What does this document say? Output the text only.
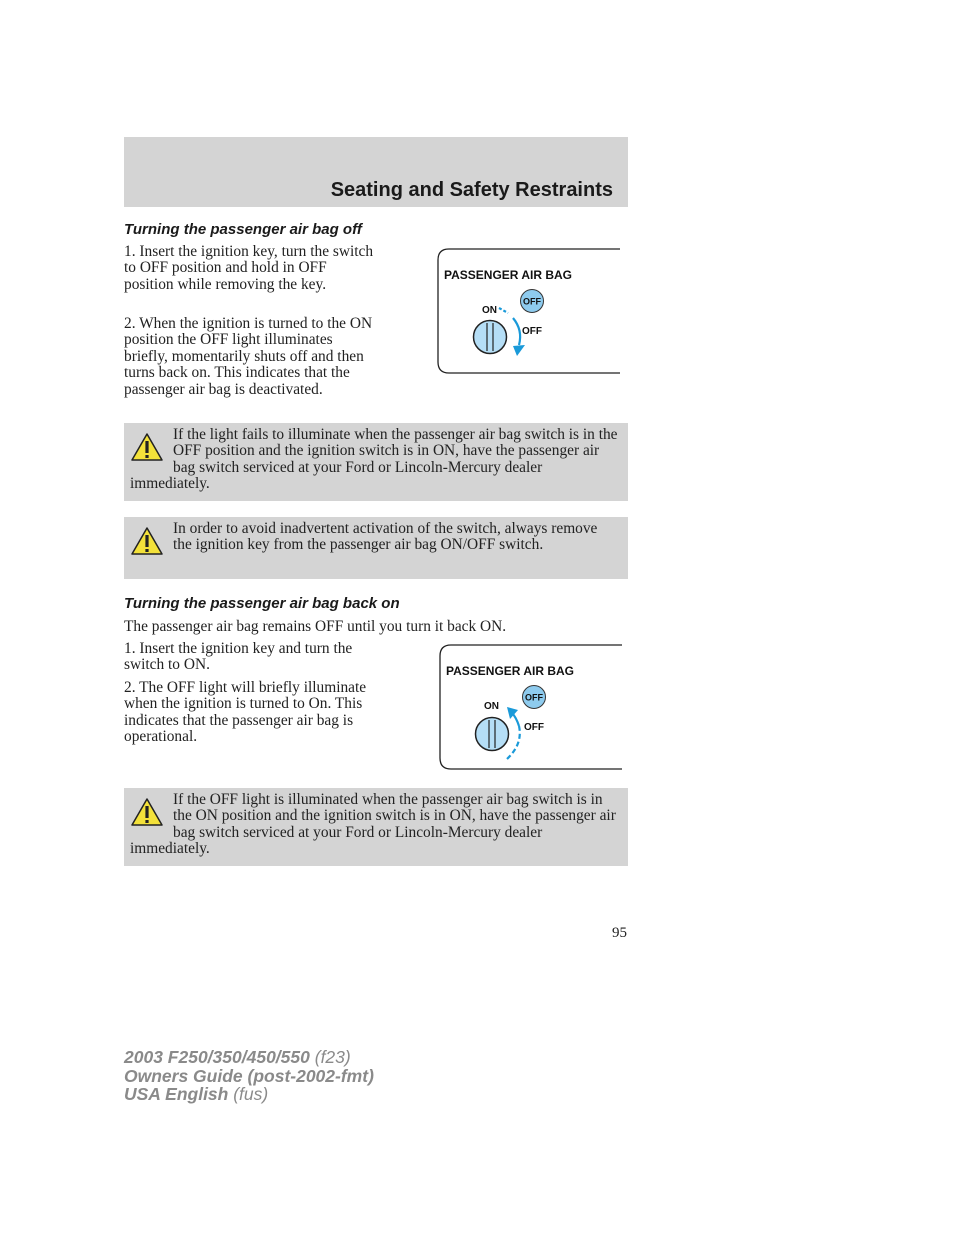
Seating and Safety Restraints
Turning the passenger air bag off

1. Insert the ignition key, turn the switch to OFF position and hold in OFF position while removing the key.

2. When the ignition is turned to the ON position the OFF light illuminates briefly, momentarily shuts off and then turns back on. This indicates that the passenger air bag is deactivated.

PASSENGER AIR BAG
ON
OFF
OFF

If the light fails to illuminate when the passenger air bag switch is in the OFF position and the ignition switch is in ON, have the passenger air bag switch serviced at your Ford or Lincoln-Mercury dealer immediately.

In order to avoid inadvertent activation of the switch, always remove the ignition key from the passenger air bag ON/OFF switch.

Turning the passenger air bag back on

The passenger air bag remains OFF until you turn it back ON.

1. Insert the ignition key and turn the switch to ON.

2. The OFF light will briefly illuminate when the ignition is turned to On. This indicates that the passenger air bag is operational.

PASSENGER AIR BAG
ON
OFF
OFF

If the OFF light is illuminated when the passenger air bag switch is in the ON position and the ignition switch is in ON, have the passenger air bag switch serviced at your Ford or Lincoln-Mercury dealer immediately.

95
2003 F250/350/450/550 (f23)
Owners Guide (post-2002-fmt)
USA English (fus)
